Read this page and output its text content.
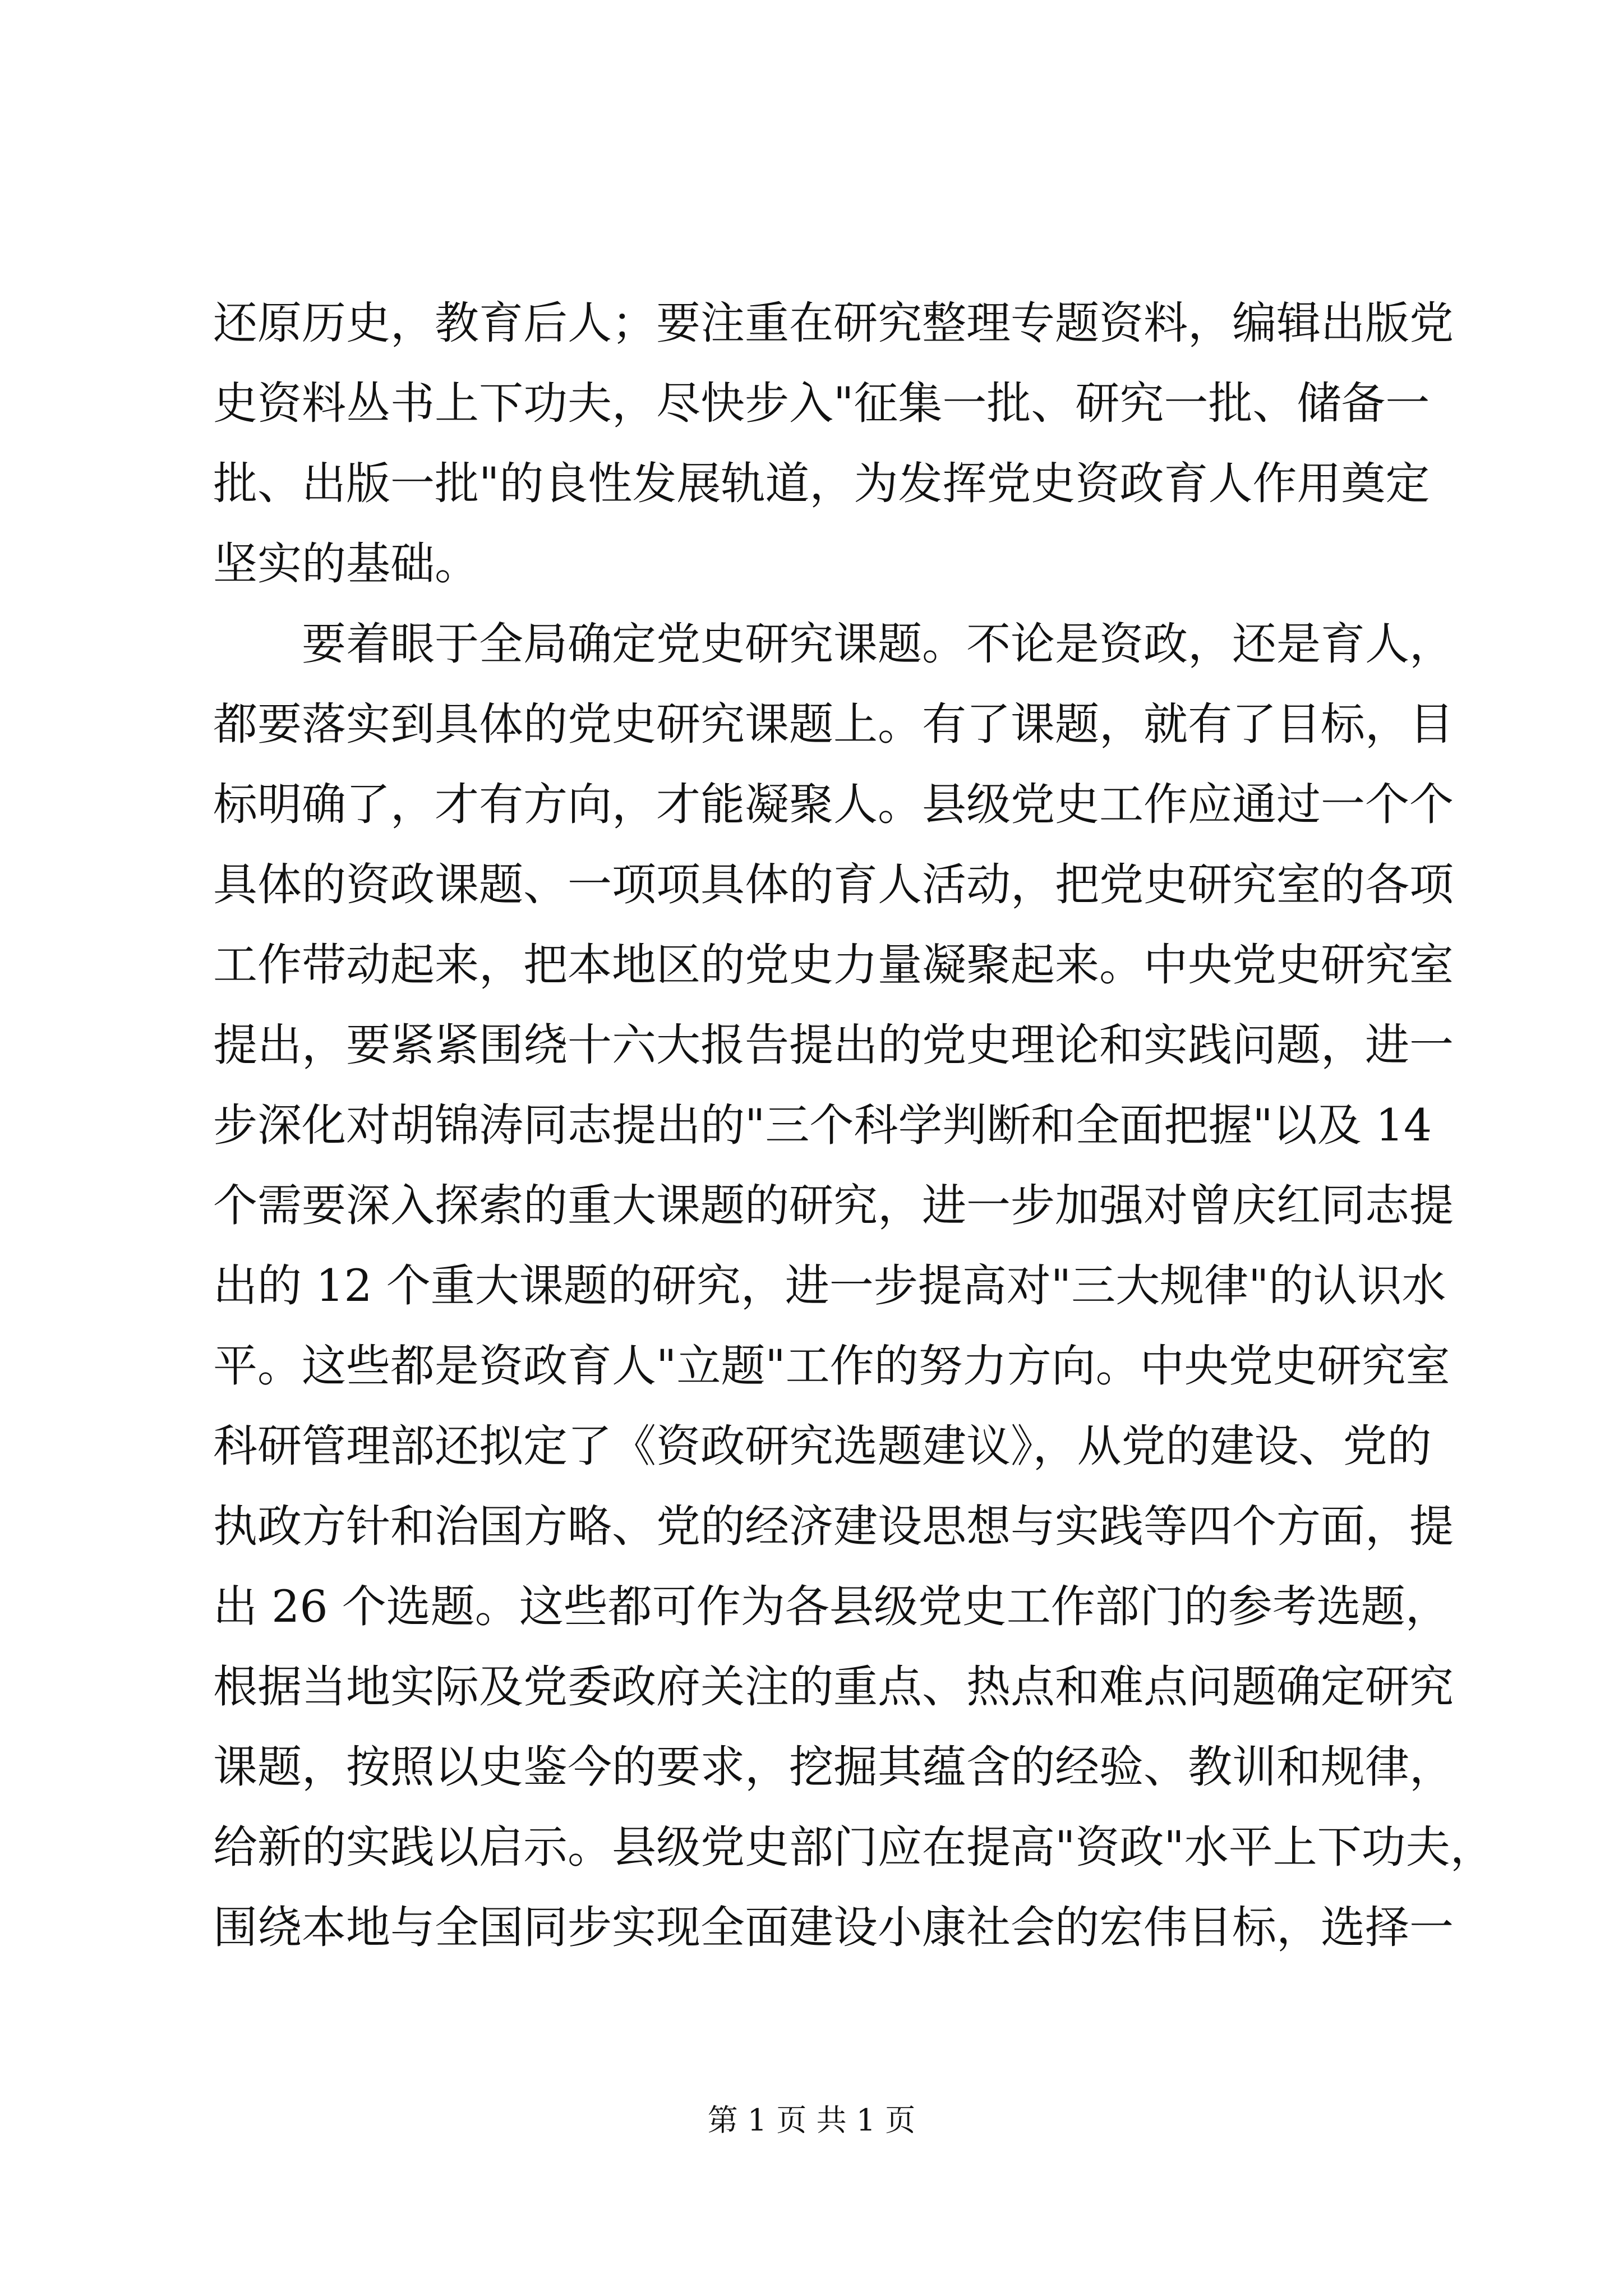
还原历史，教育后人；要注重在研究整理专题资料，编辑出版党
史资料丛书上下功夫，尽快步入"征集一批、研究一批、储备一
批、出版一批"的良性发展轨道，为发挥党史资政育人作用奠定
坚实的基础。
要着眼于全局确定党史研究课题。不论是资政，还是育人，
都要落实到具体的党史研究课题上。有了课题，就有了目标，目
标明确了，才有方向，才能凝聚人。县级党史工作应通过一个个
具体的资政课题、一项项具体的育人活动，把党史研究室的各项
工作带动起来，把本地区的党史力量凝聚起来。中央党史研究室
提出，要紧紧围绕十六大报告提出的党史理论和实践问题，进一
步深化对胡锦涛同志提出的"三个科学判断和全面把握"以及 14
个需要深入探索的重大课题的研究，进一步加强对曾庆红同志提
出的 12 个重大课题的研究，进一步提高对"三大规律"的认识水
平。这些都是资政育人"立题"工作的努力方向。中央党史研究室
科研管理部还拟定了《资政研究选题建议》，从党的建设、党的
执政方针和治国方略、党的经济建设思想与实践等四个方面，提
出 26 个选题。这些都可作为各县级党史工作部门的参考选题，
根据当地实际及党委政府关注的重点、热点和难点问题确定研究
课题，按照以史鉴今的要求，挖掘其蕴含的经验、教训和规律，
给新的实践以启示。县级党史部门应在提高"资政"水平上下功夫，
围绕本地与全国同步实现全面建设小康社会的宏伟目标，选择一
第 1 页 共 1 页
